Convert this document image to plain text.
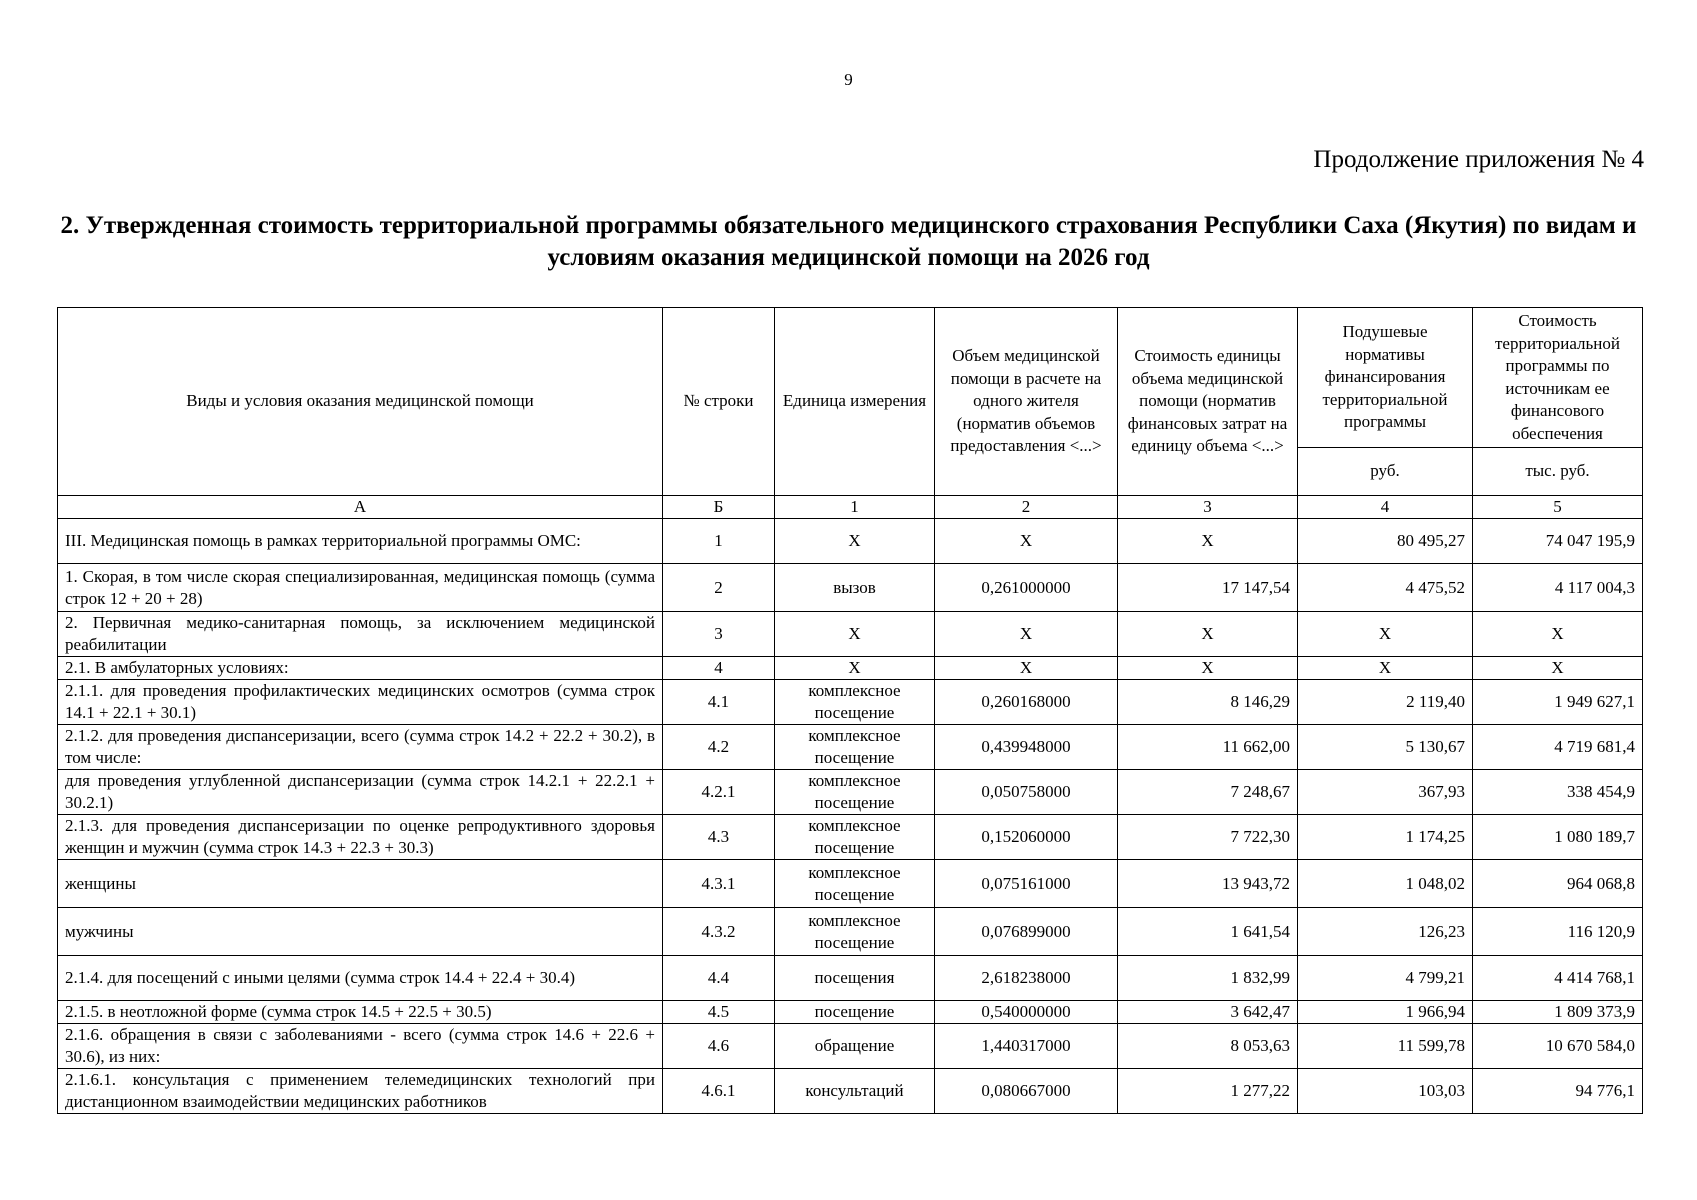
9
Продолжение приложения № 4
2. Утвержденная стоимость территориальной программы обязательного медицинского страхования Республики Саха (Якутия) по видам и условиям оказания медицинской помощи на 2026 год
Виды и условия оказания медицинской помощи	№ строки	Единица измерения	Объем медицинской помощи в расчете на одного жителя (норматив объемов предоставления <...>	Стоимость единицы объема медицинской помощи (норматив финансовых затрат на единицу объема <...>	Подушевые нормативы финансирования территориальной программы	Стоимость территориальной программы по источникам ее финансового обеспечения
					руб.	тыс. руб.
А	Б	1	2	3	4	5
III. Медицинская помощь в рамках территориальной программы ОМС:	1	Х	Х	Х	80 495,27	74 047 195,9
1. Скорая, в том числе скорая специализированная, медицинская помощь (сумма строк 12 + 20 + 28)	2	вызов	0,261000000	17 147,54	4 475,52	4 117 004,3
2. Первичная медико-санитарная помощь, за исключением медицинской реабилитации	3	Х	Х	Х	Х	Х
2.1. В амбулаторных условиях:	4	Х	Х	Х	Х	Х
2.1.1. для проведения профилактических медицинских осмотров (сумма строк 14.1 + 22.1 + 30.1)	4.1	комплексное посещение	0,260168000	8 146,29	2 119,40	1 949 627,1
2.1.2. для проведения диспансеризации, всего (сумма строк 14.2 + 22.2 + 30.2), в том числе:	4.2	комплексное посещение	0,439948000	11 662,00	5 130,67	4 719 681,4
для проведения углубленной диспансеризации (сумма строк 14.2.1 + 22.2.1 + 30.2.1)	4.2.1	комплексное посещение	0,050758000	7 248,67	367,93	338 454,9
2.1.3. для проведения диспансеризации по оценке репродуктивного здоровья женщин и мужчин (сумма строк 14.3 + 22.3 + 30.3)	4.3	комплексное посещение	0,152060000	7 722,30	1 174,25	1 080 189,7
женщины	4.3.1	комплексное посещение	0,075161000	13 943,72	1 048,02	964 068,8
мужчины	4.3.2	комплексное посещение	0,076899000	1 641,54	126,23	116 120,9
2.1.4. для посещений с иными целями (сумма строк 14.4 + 22.4 + 30.4)	4.4	посещения	2,618238000	1 832,99	4 799,21	4 414 768,1
2.1.5. в неотложной форме (сумма строк 14.5 + 22.5 + 30.5)	4.5	посещение	0,540000000	3 642,47	1 966,94	1 809 373,9
2.1.6. обращения в связи с заболеваниями - всего (сумма строк 14.6 + 22.6 + 30.6), из них:	4.6	обращение	1,440317000	8 053,63	11 599,78	10 670 584,0
2.1.6.1. консультация с применением телемедицинских технологий при дистанционном взаимодействии медицинских работников	4.6.1	консультаций	0,080667000	1 277,22	103,03	94 776,1
